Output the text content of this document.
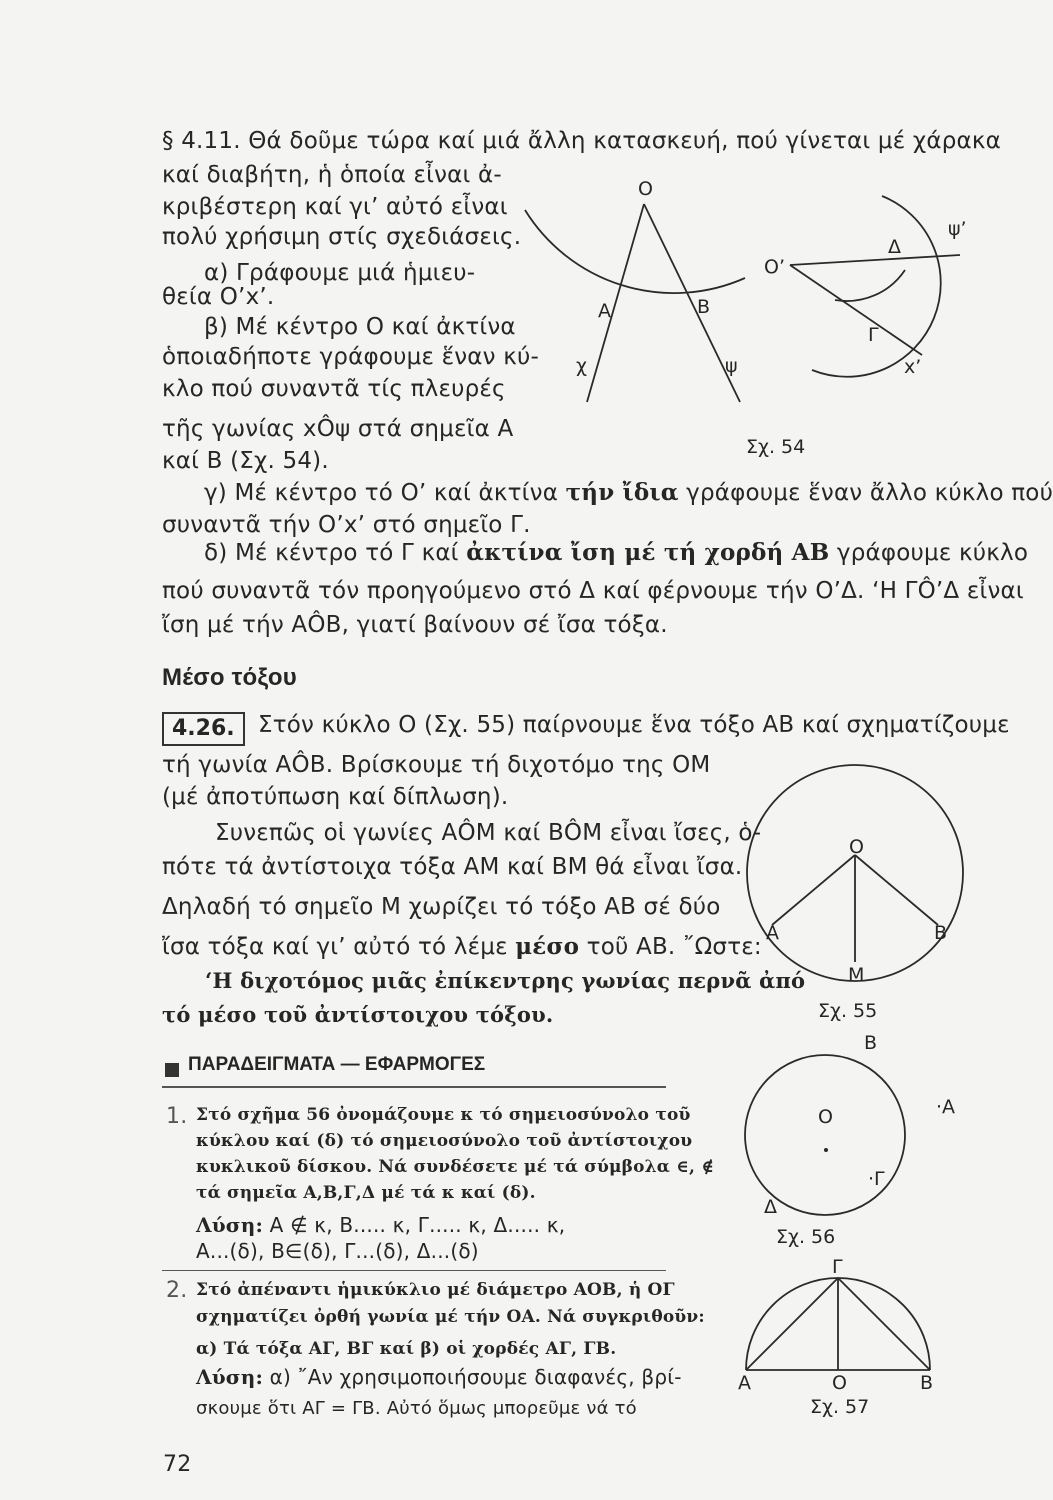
72
§ 4.11. Θά δοῦμε τώρα καί μιά ἄλλη κατασκευή, πού γίνεται μέ χάρακα
καί διαβήτη, ἡ ὁποία εἶναι ἀ-
κριβέστερη καί γι’ αὐτό εἶναι
πολύ χρήσιμη στίς σχεδιάσεις.
α) Γράφουμε μιά ἡμιευ-
θεία Ο’x’.
β) Μέ κέντρο Ο καί ἀκτίνα
ὁποιαδήποτε γράφουμε ἕναν κύ-
κλο πού συναντᾶ τίς πλευρές
τῆς γωνίας xÔψ στά σημεῖα Α
καί Β (Σχ. 54).
γ) Μέ κέντρο τό Ο’ καί ἀκτίνα τήν ἴδια γράφουμε ἕναν ἄλλο κύκλο πού
συναντᾶ τήν Ο’x’ στό σημεῖο Γ.
δ) Μέ κέντρο τό Γ καί ἀκτίνα ἴση μέ τή χορδή ΑΒ γράφουμε κύκλο
πού συναντᾶ τόν προηγούμενο στό Δ καί φέρνουμε τήν Ο’Δ. ‘Η ΓÔ’Δ εἶναι
ἴση μέ τήν ΑÔΒ, γιατί βαίνουν σέ ἴσα τόξα.
Μέσο τόξου
4.26.	Στόν κύκλο Ο (Σχ. 55) παίρνουμε ἕνα τόξο ΑΒ καί σχηματίζουμε
τή γωνία ΑÔΒ. Βρίσκουμε τή διχοτόμο της ΟΜ
(μέ ἀποτύπωση καί δίπλωση).
Συνεπῶς οἱ γωνίες ΑÔΜ καί ΒÔΜ εἶναι ἴσες, ὁ-
πότε τά ἀντίστοιχα τόξα ΑΜ καί ΒΜ θά εἶναι ἴσα.
Δηλαδή τό σημεῖο Μ χωρίζει τό τόξο ΑΒ σέ δύο
ἴσα τόξα καί γι’ αὐτό τό λέμε μέσο τοῦ ΑΒ. ῎Ωστε:
‘Η διχοτόμος μιᾶς ἐπίκεντρης γωνίας περνᾶ ἀπό
τό μέσο τοῦ ἀντίστοιχου τόξου.
ΠΑΡΑΔΕΙΓΜΑΤΑ — ΕΦΑΡΜΟΓΕΣ
1. Στό σχῆμα 56 ὀνομάζουμε κ τό σημειοσύνολο τοῦ
κύκλου καί (δ) τό σημειοσύνολο τοῦ ἀντίστοιχου
κυκλικοῦ δίσκου. Νά συνδέσετε μέ τά σύμβολα ∈, ∉
τά σημεῖα Α,Β,Γ,Δ μέ τά κ καί (δ).
Λύση: Α ∉ κ, Β..... κ, Γ..... κ, Δ..... κ,
Α...(δ), Β∈(δ), Γ...(δ), Δ...(δ)
2. Στό ἀπέναντι ἡμικύκλιο μέ διάμετρο ΑΟΒ, ἡ ΟΓ
σχηματίζει ὀρθή γωνία μέ τήν ΟΑ. Νά συγκριθοῦν:
α) Τά τόξα ΑΓ, ΒΓ καί β) οἱ χορδές ΑΓ, ΓΒ.
Λύση: α) ῎Αν χρησιμοποιήσουμε διαφανές, βρί-
σκουμε ὅτι ΑΓ = ΓΒ. Αὐτό ὅμως μπορεῦμε νά τό
O
Α	Β
χ	ψ
Ο’
Γ
Δ
x’
ψ’
Σχ. 54
O
Α	Β
M
Σχ. 55
Β
O	·Α
·Γ
Δ
Σχ. 56
Γ
Α	O	Β
Σχ. 57
